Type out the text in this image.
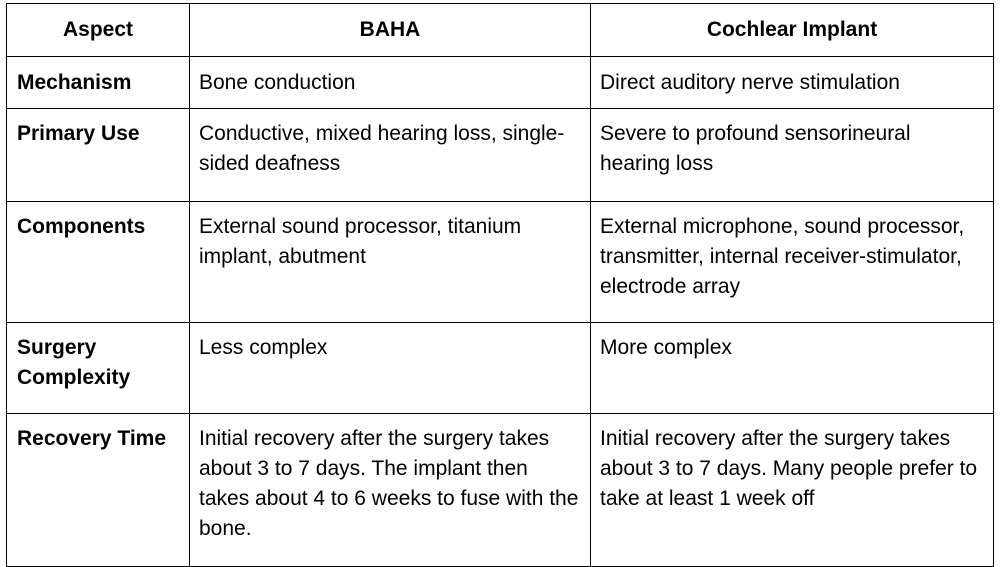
Aspect	BAHA	Cochlear Implant
Mechanism	Bone conduction	Direct auditory nerve stimulation
Primary Use	Conductive, mixed hearing loss, single-sided deafness	Severe to profound sensorineural hearing loss
Components	External sound processor, titanium implant, abutment	External microphone, sound processor, transmitter, internal receiver-stimulator, electrode array
Surgery Complexity	Less complex	More complex
Recovery Time	Initial recovery after the surgery takes about 3 to 7 days. The implant then takes about 4 to 6 weeks to fuse with the bone.	Initial recovery after the surgery takes about 3 to 7 days. Many people prefer to take at least 1 week off
